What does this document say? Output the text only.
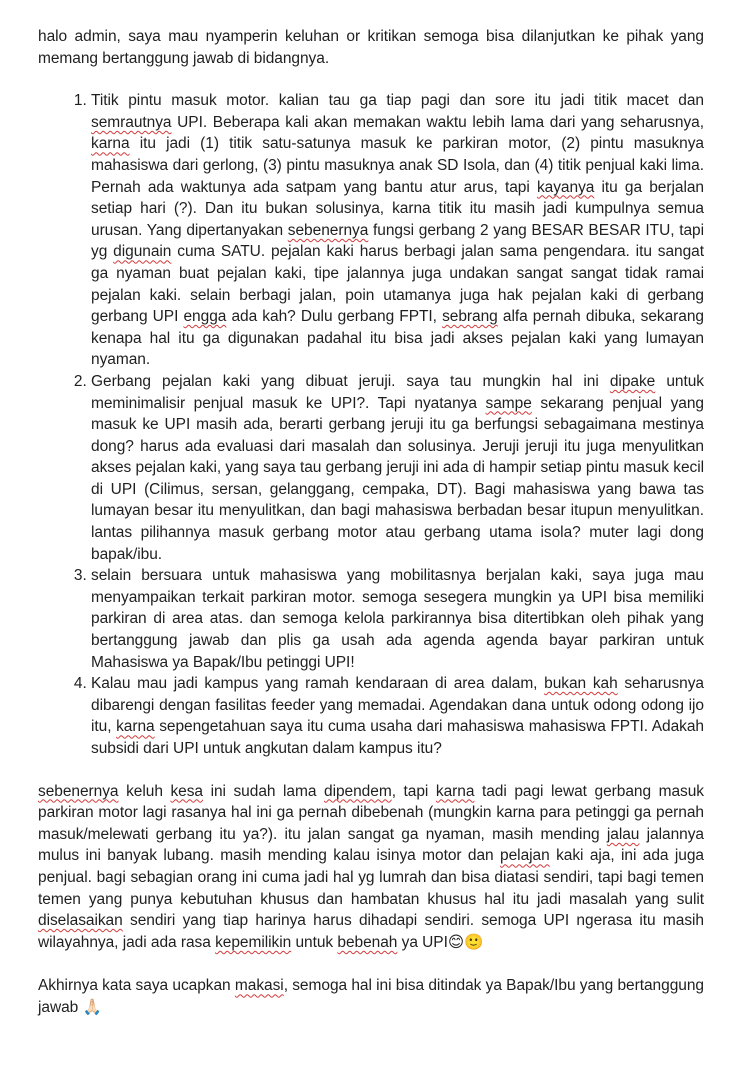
halo admin, saya mau nyamperin keluhan or kritikan semoga bisa dilanjutkan ke pihak yang memang bertanggung jawab di bidangnya.

1. Titik pintu masuk motor. kalian tau ga tiap pagi dan sore itu jadi titik macet dan semrautnya UPI. Beberapa kali akan memakan waktu lebih lama dari yang seharusnya, karna itu jadi (1) titik satu-satunya masuk ke parkiran motor, (2) pintu masuknya mahasiswa dari gerlong, (3) pintu masuknya anak SD Isola, dan (4) titik penjual kaki lima. Pernah ada waktunya ada satpam yang bantu atur arus, tapi kayanya itu ga berjalan setiap hari (?). Dan itu bukan solusinya, karna titik itu masih jadi kumpulnya semua urusan. Yang dipertanyakan sebenernya fungsi gerbang 2 yang BESAR BESAR ITU, tapi yg digunain cuma SATU. pejalan kaki harus berbagi jalan sama pengendara. itu sangat ga nyaman buat pejalan kaki, tipe jalannya juga undakan sangat sangat tidak ramai pejalan kaki. selain berbagi jalan, poin utamanya juga hak pejalan kaki di gerbang gerbang UPI engga ada kah? Dulu gerbang FPTI, sebrang alfa pernah dibuka, sekarang kenapa hal itu ga digunakan padahal itu bisa jadi akses pejalan kaki yang lumayan nyaman.
2. Gerbang pejalan kaki yang dibuat jeruji. saya tau mungkin hal ini dipake untuk meminimalisir penjual masuk ke UPI?. Tapi nyatanya sampe sekarang penjual yang masuk ke UPI masih ada, berarti gerbang jeruji itu ga berfungsi sebagaimana mestinya dong? harus ada evaluasi dari masalah dan solusinya. Jeruji jeruji itu juga menyulitkan akses pejalan kaki, yang saya tau gerbang jeruji ini ada di hampir setiap pintu masuk kecil di UPI (Cilimus, sersan, gelanggang, cempaka, DT). Bagi mahasiswa yang bawa tas lumayan besar itu menyulitkan, dan bagi mahasiswa berbadan besar itupun menyulitkan. lantas pilihannya masuk gerbang motor atau gerbang utama isola? muter lagi dong bapak/ibu.
3. selain bersuara untuk mahasiswa yang mobilitasnya berjalan kaki, saya juga mau menyampaikan terkait parkiran motor. semoga sesegera mungkin ya UPI bisa memiliki parkiran di area atas. dan semoga kelola parkirannya bisa ditertibkan oleh pihak yang bertanggung jawab dan plis ga usah ada agenda agenda bayar parkiran untuk Mahasiswa ya Bapak/Ibu petinggi UPI!
4. Kalau mau jadi kampus yang ramah kendaraan di area dalam, bukan kah seharusnya dibarengi dengan fasilitas feeder yang memadai. Agendakan dana untuk odong odong ijo itu, karna sepengetahuan saya itu cuma usaha dari mahasiswa mahasiswa FPTI. Adakah subsidi dari UPI untuk angkutan dalam kampus itu?

sebenernya keluh kesa ini sudah lama dipendem, tapi karna tadi pagi lewat gerbang masuk parkiran motor lagi rasanya hal ini ga pernah dibebenah (mungkin karna para petinggi ga pernah masuk/melewati gerbang itu ya?). itu jalan sangat ga nyaman, masih mending jalau jalannya mulus ini banyak lubang. masih mending kalau isinya motor dan pelajan kaki aja, ini ada juga penjual. bagi sebagian orang ini cuma jadi hal yg lumrah dan bisa diatasi sendiri, tapi bagi temen temen yang punya kebutuhan khusus dan hambatan khusus hal itu jadi masalah yang sulit diselasaikan sendiri yang tiap harinya harus dihadapi sendiri. semoga UPI ngerasa itu masih wilayahnya, jadi ada rasa kepemilikin untuk bebenah ya UPI😊🙂

Akhirnya kata saya ucapkan makasi, semoga hal ini bisa ditindak ya Bapak/Ibu yang bertanggung jawab 🙏🏻
